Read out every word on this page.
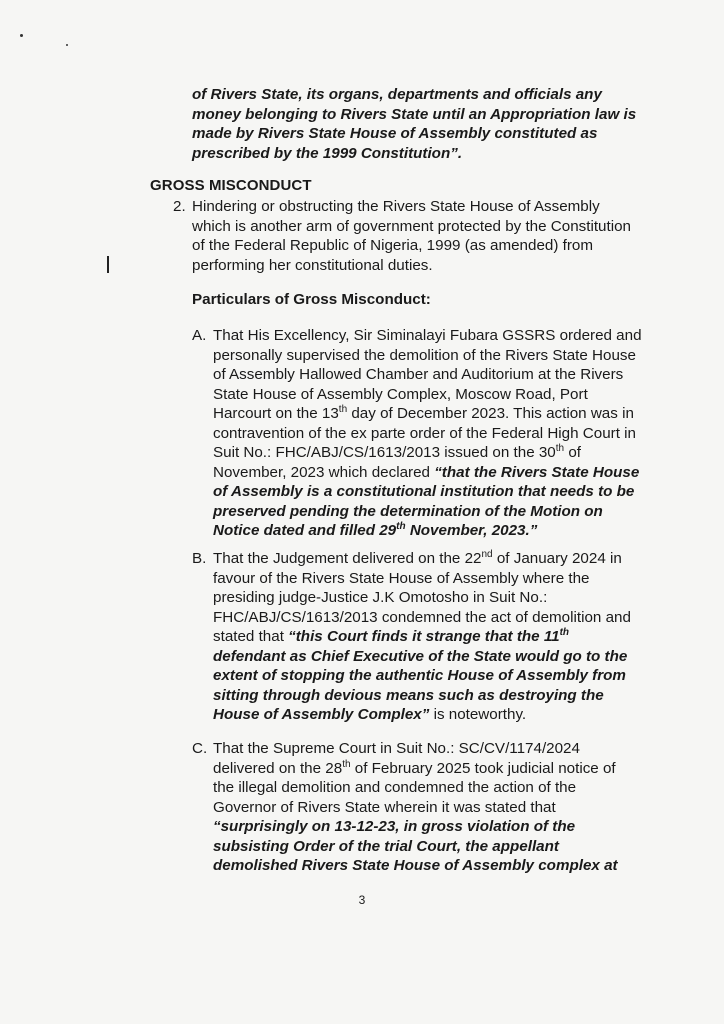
of Rivers State, its organs, departments and officials any
money belonging to Rivers State until an Appropriation law is
made by Rivers State House of Assembly constituted as
prescribed by the 1999 Constitution”.
GROSS MISCONDUCT
2. Hindering or obstructing the Rivers State House of Assembly
which is another arm of government protected by the Constitution
of the Federal Republic of Nigeria, 1999 (as amended) from
performing her constitutional duties.
Particulars of Gross Misconduct:
A. That His Excellency, Sir Siminalayi Fubara GSSRS ordered and
personally supervised the demolition of the Rivers State House
of Assembly Hallowed Chamber and Auditorium at the Rivers
State House of Assembly Complex, Moscow Road, Port
Harcourt on the 13th day of December 2023. This action was in
contravention of the ex parte order of the Federal High Court in
Suit No.: FHC/ABJ/CS/1613/2013 issued on the 30th of
November, 2023 which declared “that the Rivers State House
of Assembly is a constitutional institution that needs to be
preserved pending the determination of the Motion on
Notice dated and filled 29th November, 2023.”
B. That the Judgement delivered on the 22nd of January 2024 in
favour of the Rivers State House of Assembly where the
presiding judge-Justice J.K Omotosho in Suit No.:
FHC/ABJ/CS/1613/2013 condemned the act of demolition and
stated that “this Court finds it strange that the 11th
defendant as Chief Executive of the State would go to the
extent of stopping the authentic House of Assembly from
sitting through devious means such as destroying the
House of Assembly Complex” is noteworthy.
C. That the Supreme Court in Suit No.: SC/CV/1174/2024
delivered on the 28th of February 2025 took judicial notice of
the illegal demolition and condemned the action of the
Governor of Rivers State wherein it was stated that
“surprisingly on 13-12-23, in gross violation of the
subsisting Order of the trial Court, the appellant
demolished Rivers State House of Assembly complex at
3
